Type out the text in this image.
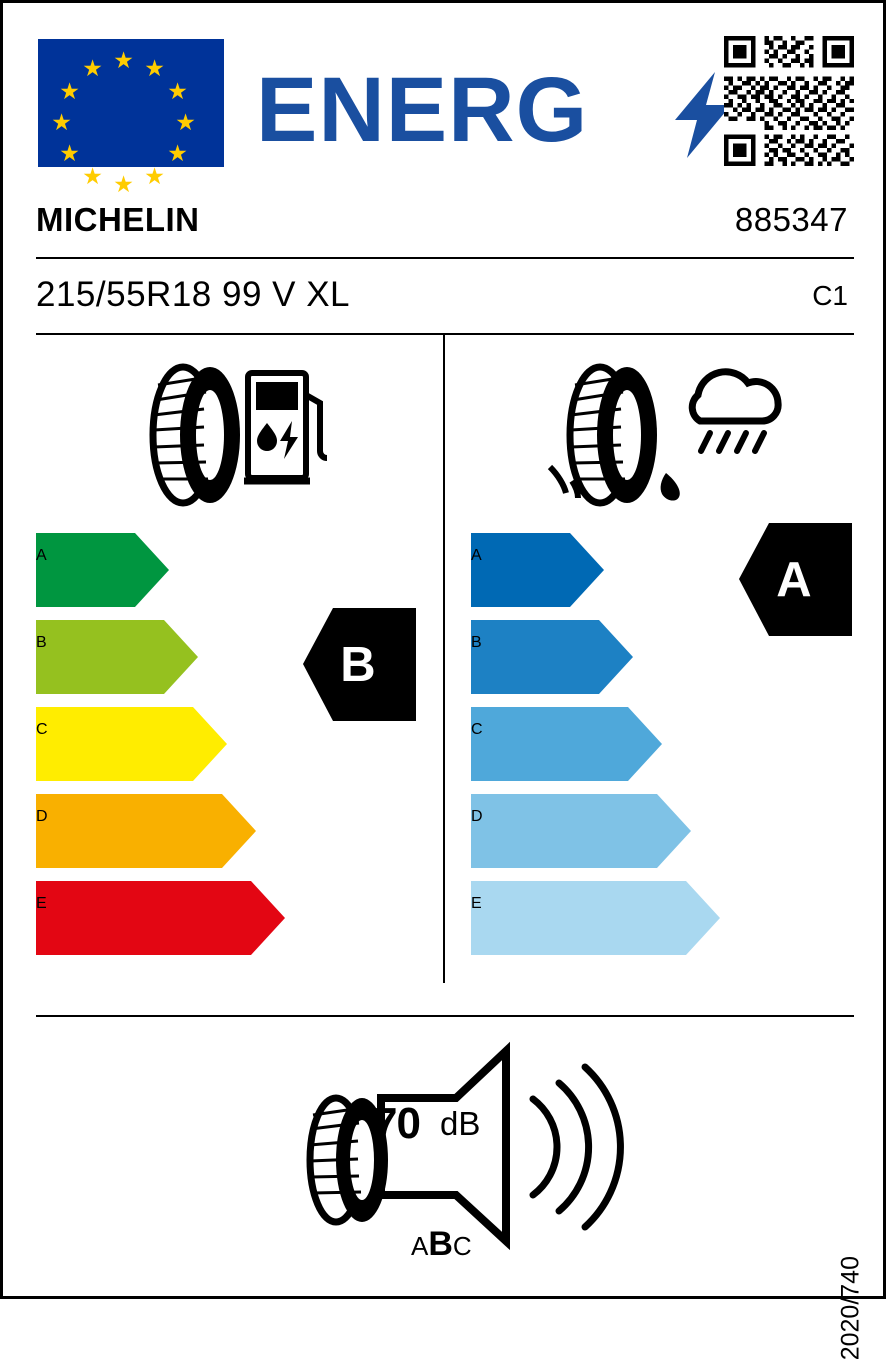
★ ★
★
★
★
★
★
★
★
★
★
★ ENERG
MICHELIN	885347
215/55R18 99 V XL	C1
A
B
C
D
E
B
A
B
C
D
E
A
70 dB
ABC
2020/740
